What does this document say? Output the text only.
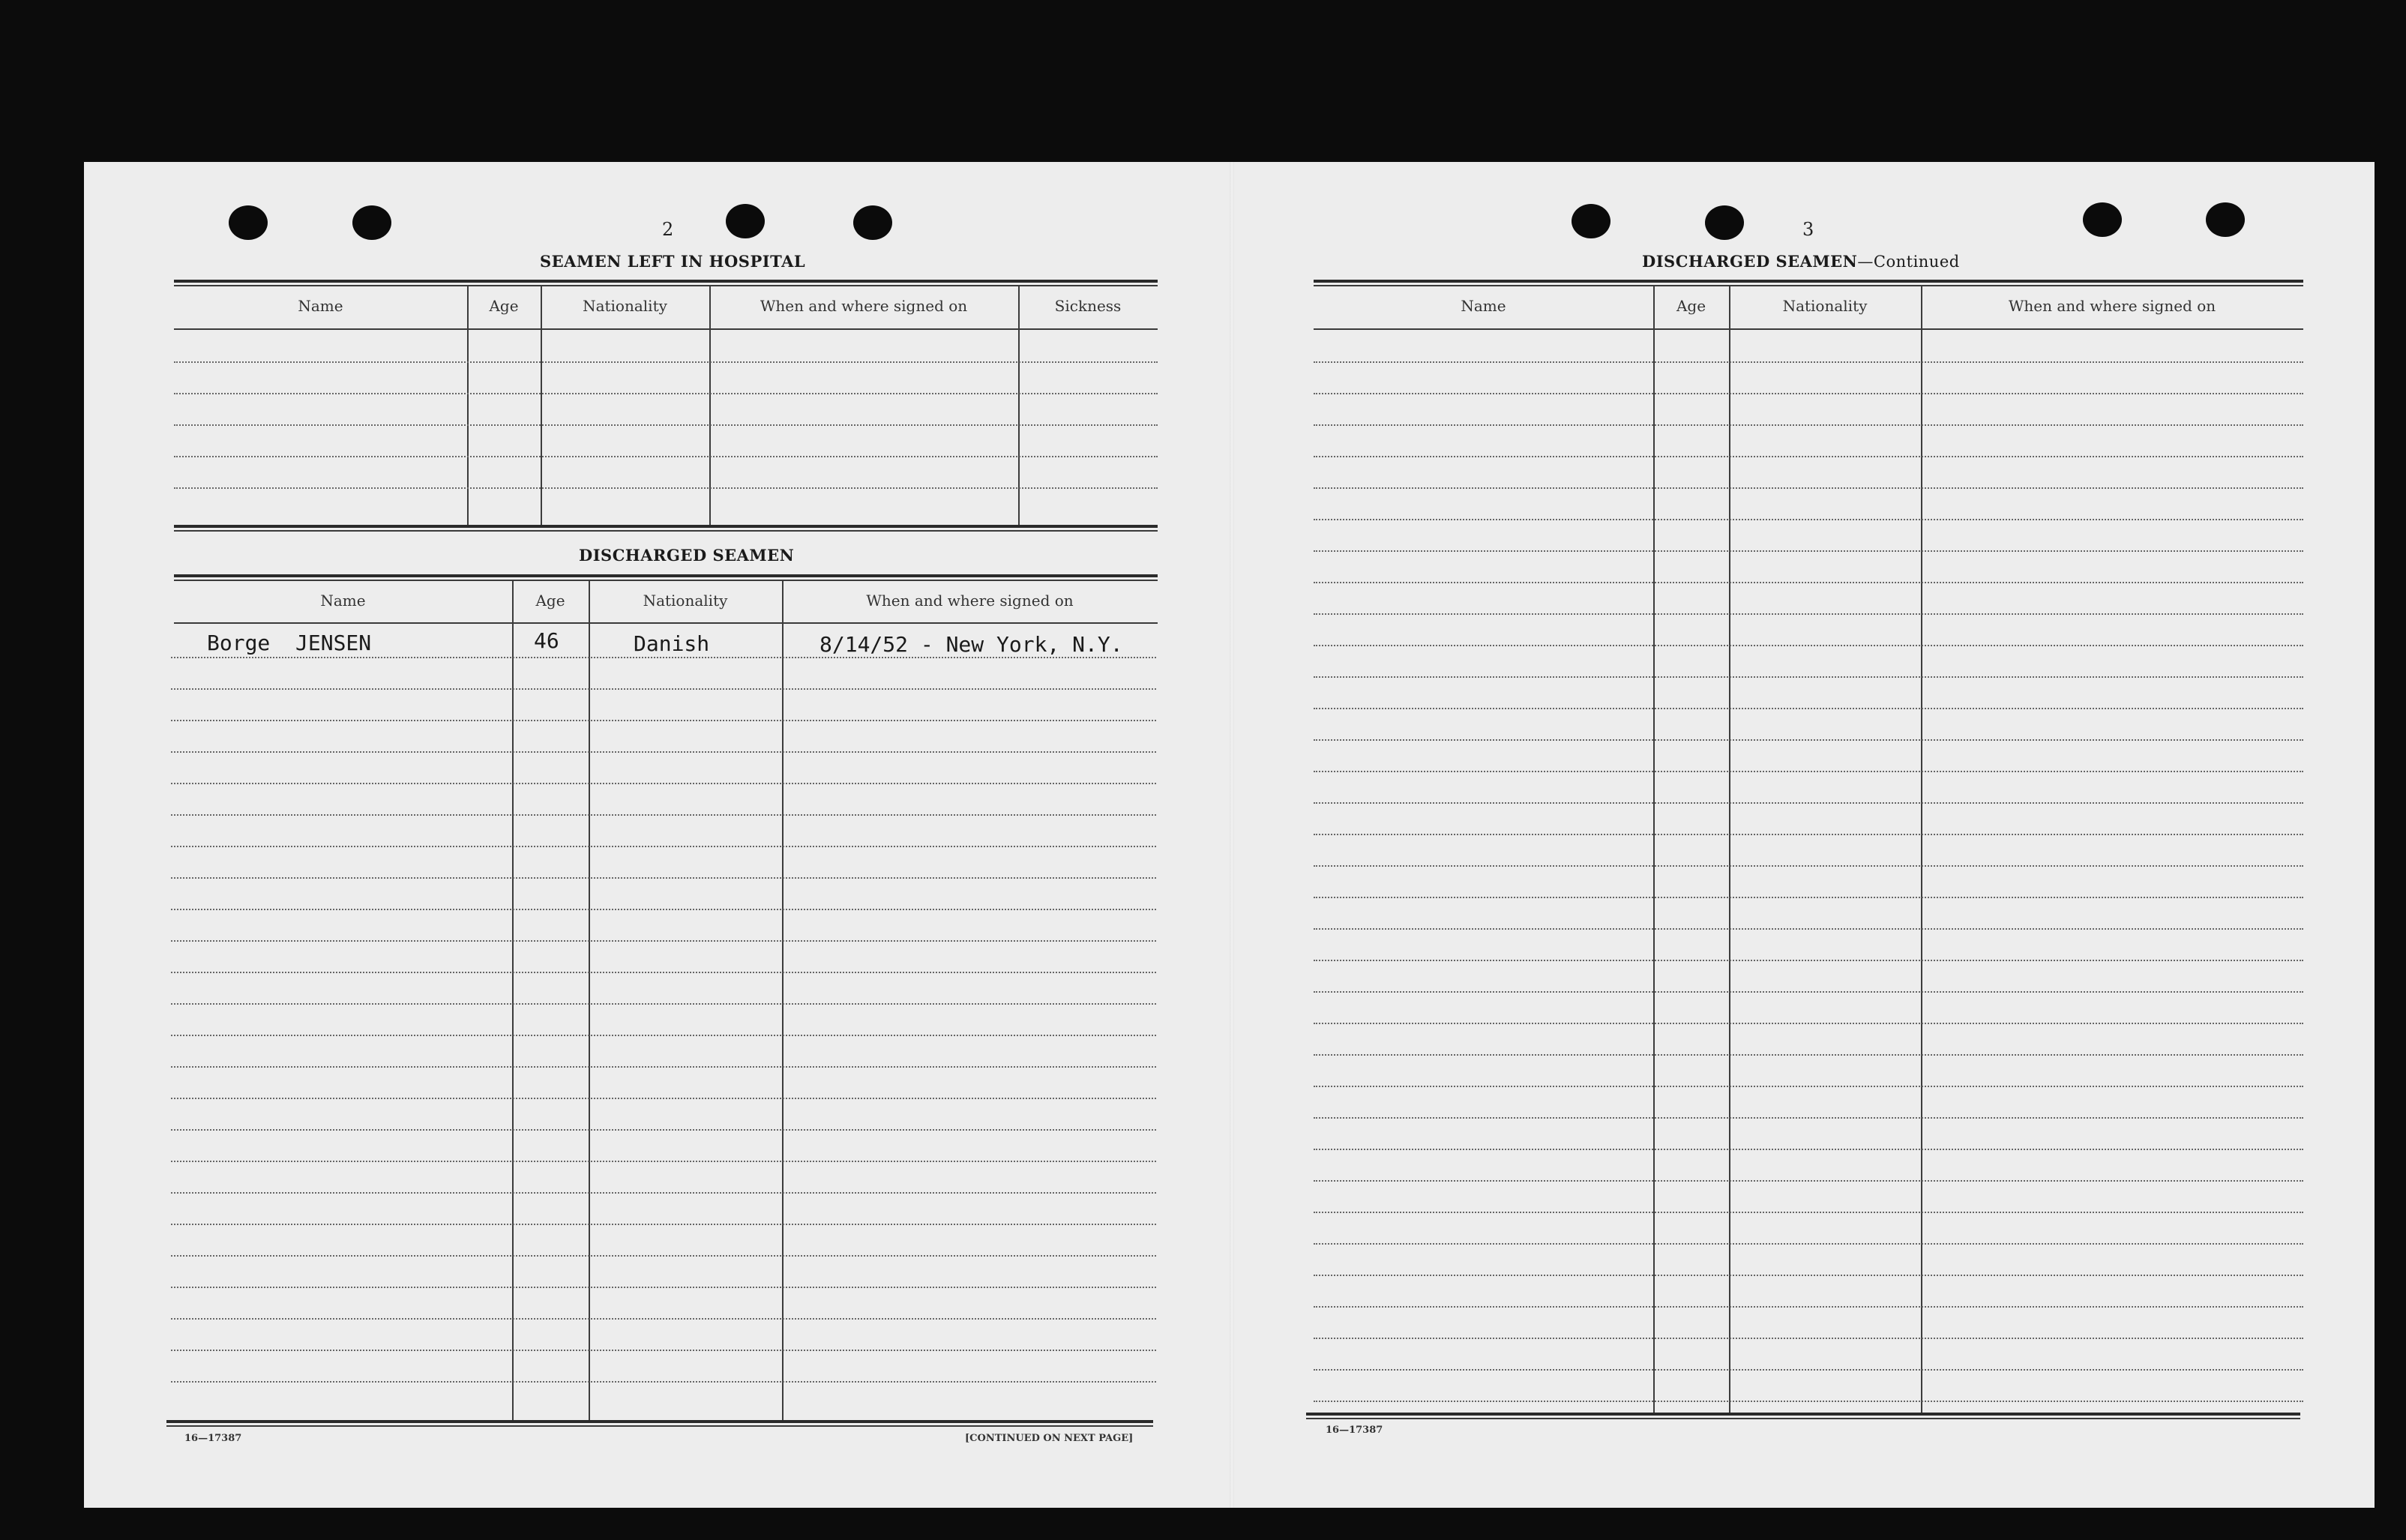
2
SEAMEN LEFT IN HOSPITAL
Name	Age	Nationality	When and where signed on	Sickness
DISCHARGED SEAMEN
Name	Age	Nationality	When and where signed on
Borge  JENSEN	46	Danish	8/14/52 - New York, N.Y.
16—17387	[CONTINUED ON NEXT PAGE]
3
DISCHARGED SEAMEN—Continued
Name	Age	Nationality	When and where signed on
16—17387
